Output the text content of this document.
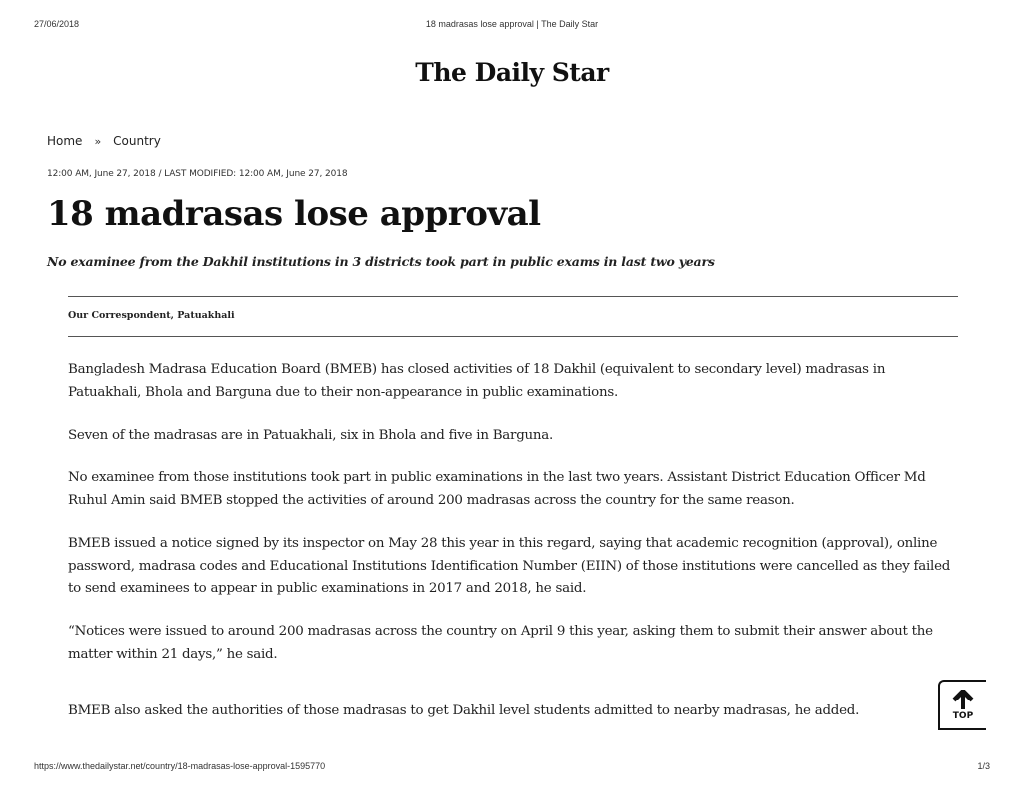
27/06/2018	18 madrasas lose approval | The Daily Star
The Daily Star
Home » Country
12:00 AM, June 27, 2018 / LAST MODIFIED: 12:00 AM, June 27, 2018
18 madrasas lose approval
No examinee from the Dakhil institutions in 3 districts took part in public exams in last two years
Our Correspondent, Patuakhali

Bangladesh Madrasa Education Board (BMEB) has closed activities of 18 Dakhil (equivalent to secondary level) madrasas in Patuakhali, Bhola and Barguna due to their non-appearance in public examinations.

Seven of the madrasas are in Patuakhali, six in Bhola and five in Barguna.

No examinee from those institutions took part in public examinations in the last two years. Assistant District Education Officer Md Ruhul Amin said BMEB stopped the activities of around 200 madrasas across the country for the same reason.

BMEB issued a notice signed by its inspector on May 28 this year in this regard, saying that academic recognition (approval), online password, madrasa codes and Educational Institutions Identification Number (EIIN) of those institutions were cancelled as they failed to send examinees to appear in public examinations in 2017 and 2018, he said.

“Notices were issued to around 200 madrasas across the country on April 9 this year, asking them to submit their answer about the matter within 21 days,” he said.

BMEB also asked the authorities of those madrasas to get Dakhil level students admitted to nearby madrasas, he added.	TOP
https://www.thedailystar.net/country/18-madrasas-lose-approval-1595770	1/3
